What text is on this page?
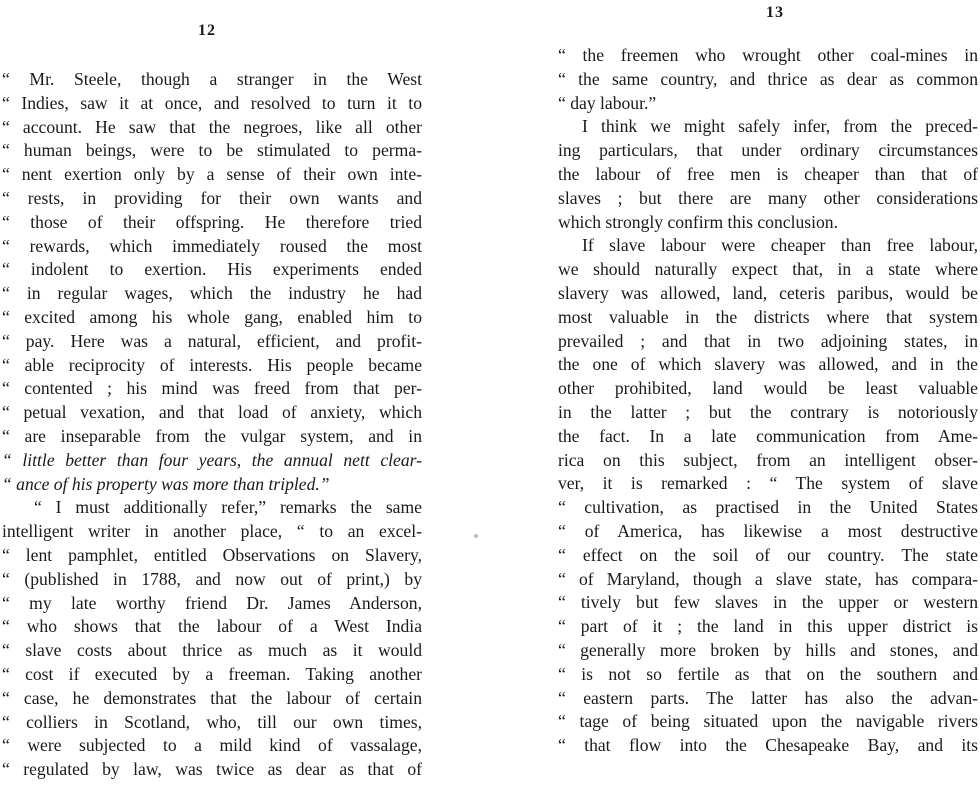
12
“ Mr. Steele, though a stranger in the West
“ Indies, saw it at once, and resolved to turn it to
“ account. He saw that the negroes, like all other
“ human beings, were to be stimulated to perma-
“ nent exertion only by a sense of their own inte-
“ rests, in providing for their own wants and
“ those of their offspring. He therefore tried
“ rewards, which immediately roused the most
“ indolent to exertion. His experiments ended
“ in regular wages, which the industry he had
“ excited among his whole gang, enabled him to
“ pay. Here was a natural, efficient, and profit-
“ able reciprocity of interests. His people became
“ contented ; his mind was freed from that per-
“ petual vexation, and that load of anxiety, which
“ are inseparable from the vulgar system, and in
“ little better than four years, the annual nett clear-
“ ance of his property was more than tripled.”
“ I must additionally refer,” remarks the same
intelligent writer in another place, “ to an excel-
“ lent pamphlet, entitled Observations on Slavery,
“ (published in 1788, and now out of print,) by
“ my late worthy friend Dr. James Anderson,
“ who shows that the labour of a West India
“ slave costs about thrice as much as it would
“ cost if executed by a freeman. Taking another
“ case, he demonstrates that the labour of certain
“ colliers in Scotland, who, till our own times,
“ were subjected to a mild kind of vassalage,
“ regulated by law, was twice as dear as that of
13
“ the freemen who wrought other coal-mines in
“ the same country, and thrice as dear as common
“ day labour.”
I think we might safely infer, from the preced-
ing particulars, that under ordinary circumstances
the labour of free men is cheaper than that of
slaves ; but there are many other considerations
which strongly confirm this conclusion.
If slave labour were cheaper than free labour,
we should naturally expect that, in a state where
slavery was allowed, land, ceteris paribus, would be
most valuable in the districts where that system
prevailed ; and that in two adjoining states, in
the one of which slavery was allowed, and in the
other prohibited, land would be least valuable
in the latter ; but the contrary is notoriously
the fact. In a late communication from Ame-
rica on this subject, from an intelligent obser-
ver, it is remarked : “ The system of slave
“ cultivation, as practised in the United States
“ of America, has likewise a most destructive
“ effect on the soil of our country. The state
“ of Maryland, though a slave state, has compara-
“ tively but few slaves in the upper or western
“ part of it ; the land in this upper district is
“ generally more broken by hills and stones, and
“ is not so fertile as that on the southern and
“ eastern parts. The latter has also the advan-
“ tage of being situated upon the navigable rivers
“ that flow into the Chesapeake Bay, and its
